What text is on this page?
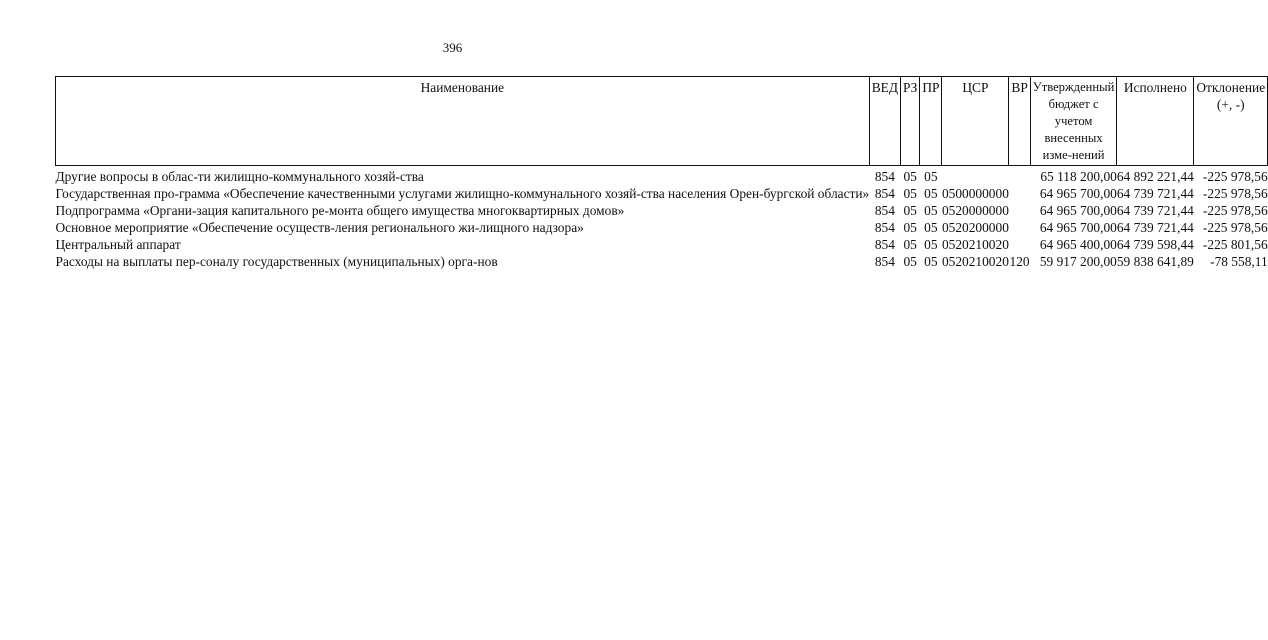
396
Наименование	ВЕД	РЗ	ПР	ЦСР	ВР	Утвержденный бюджет с учетом внесенных изме-нений	Исполнено	Отклонение (+, -)

Другие вопросы в облас-ти жилищно-коммунального хозяй-ства	854	05	05			65 118 200,00	64 892 221,44	-225 978,56
Государственная про-грамма «Обеспечение качественными услугами жилищно-коммунального хозяй-ства населения Орен-бургской области»	854	05	05	0500000000		64 965 700,00	64 739 721,44	-225 978,56
Подпрограмма «Органи-зация капитального ре-монта общего имущества многоквартирных домов»	854	05	05	0520000000		64 965 700,00	64 739 721,44	-225 978,56
Основное мероприятие «Обеспечение осуществ-ления регионального жи-лищного надзора»	854	05	05	0520200000		64 965 700,00	64 739 721,44	-225 978,56
Центральный аппарат	854	05	05	0520210020		64 965 400,00	64 739 598,44	-225 801,56
Расходы на выплаты пер-соналу государственных (муниципальных) орга-нов	854	05	05	0520210020	120	59 917 200,00	59 838 641,89	-78 558,11
